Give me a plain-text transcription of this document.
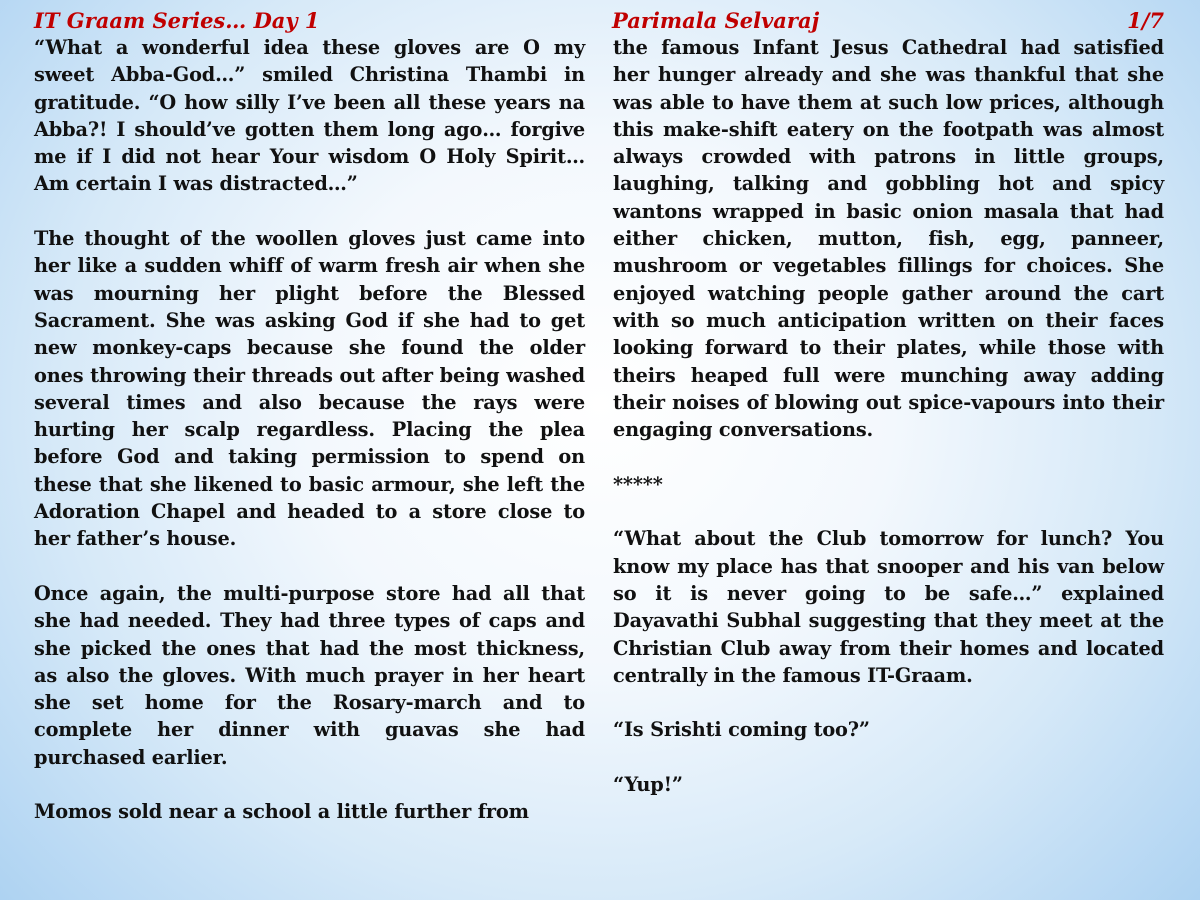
IT Graam Series… Day 1	Parimala Selvaraj	1/7

“What a wonderful idea these gloves are O my sweet Abba-God…” smiled Christina Thambi in gratitude. “O how silly I’ve been all these years na Abba?! I should’ve gotten them long ago… forgive me if I did not hear Your wisdom O Holy Spirit… Am certain I was distracted…”

The thought of the woollen gloves just came into her like a sudden whiff of warm fresh air when she was mourning her plight before the Blessed Sacrament. She was asking God if she had to get new monkey-caps because she found the older ones throwing their threads out after being washed several times and also because the rays were hurting her scalp regardless. Placing the plea before God and taking permission to spend on these that she likened to basic armour, she left the Adoration Chapel and headed to a store close to her father’s house.

Once again, the multi-purpose store had all that she had needed. They had three types of caps and she picked the ones that had the most thickness, as also the gloves. With much prayer in her heart she set home for the Rosary-march and to complete her dinner with guavas she had purchased earlier.

Momos sold near a school a little further from

the famous Infant Jesus Cathedral had satisfied her hunger already and she was thankful that she was able to have them at such low prices, although this make-shift eatery on the footpath was almost always crowded with patrons in little groups, laughing, talking and gobbling hot and spicy wantons wrapped in basic onion masala that had either chicken, mutton, fish, egg, panneer, mushroom or vegetables fillings for choices. She enjoyed watching people gather around the cart with so much anticipation written on their faces looking forward to their plates, while those with theirs heaped full were munching away adding their noises of blowing out spice-vapours into their engaging conversations.

*****

“What about the Club tomorrow for lunch? You know my place has that snooper and his van below so it is never going to be safe…” explained Dayavathi Subhal suggesting that they meet at the Christian Club away from their homes and located centrally in the famous IT-Graam.

“Is Srishti coming too?”

“Yup!”
